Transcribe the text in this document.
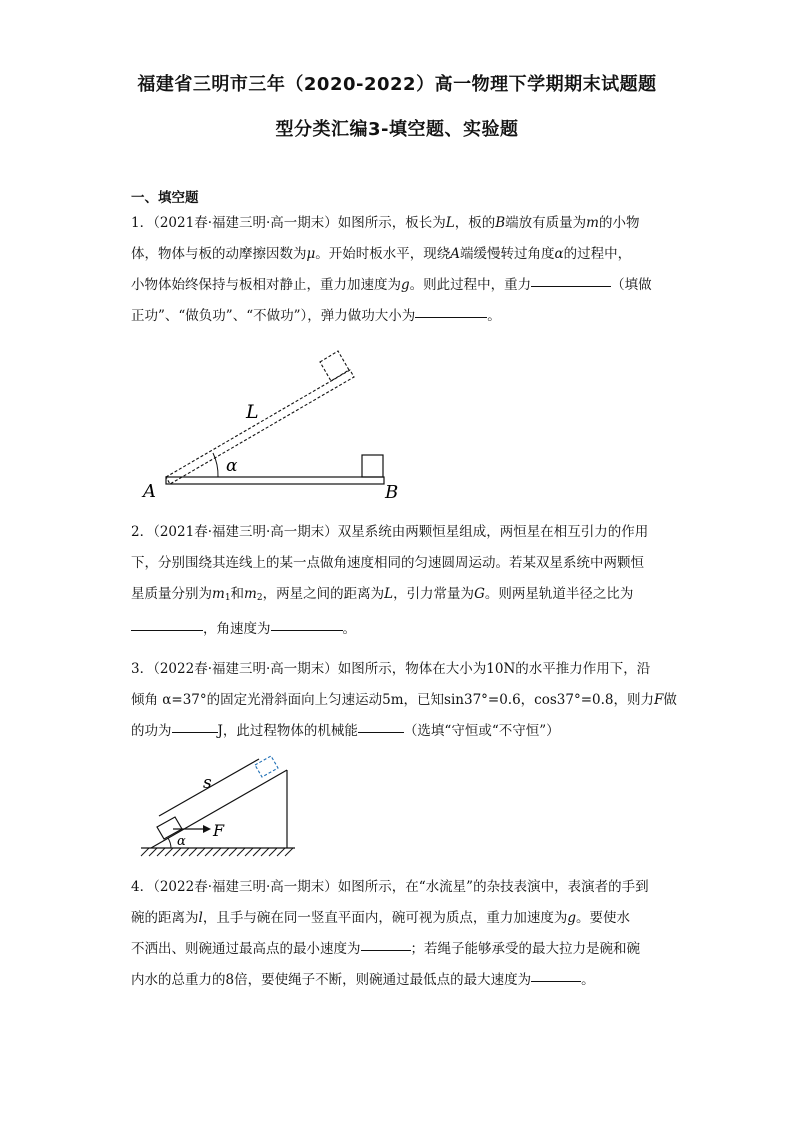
福建省三明市三年（2020-2022）高一物理下学期期末试题题
型分类汇编3-填空题、实验题
一、填空题

1．（2021春·福建三明·高一期末）如图所示，板长为L，板的B端放有质量为m的小物

体，物体与板的动摩擦因数为μ。开始时板水平，现绕A端缓慢转过角度α的过程中，

小物体始终保持与板相对静止，重力加速度为g。则此过程中，重力	（填做

正功”、“做负功”、“不做功”），弹力做功大小为	。

L
α
A	B

2．（2021春·福建三明·高一期末）双星系统由两颗恒星组成，两恒星在相互引力的作用

下，分别围绕其连线上的某一点做角速度相同的匀速圆周运动。若某双星系统中两颗恒

星质量分别为$m_1$和$m_2$，两星之间的距离为L，引力常量为G。则两星轨道半径之比为

，角速度为	。

3．（2022春·福建三明·高一期末）如图所示，物体在大小为10N的水平推力作用下，沿

倾角 α=37°的固定光滑斜面向上匀速运动5m，已知sin37°=0.6，cos37°=0.8，则力F做

的功为	J，此过程物体的机械能	（选填“守恒或“不守恒”）

s
F
α

4．（2022春·福建三明·高一期末）如图所示，在“水流星”的杂技表演中，表演者的手到

碗的距离为l，且手与碗在同一竖直平面内，碗可视为质点，重力加速度为g。要使水

不洒出、则碗通过最高点的最小速度为	；若绳子能够承受的最大拉力是碗和碗

内水的总重力的8倍，要使绳子不断，则碗通过最低点的最大速度为	。
